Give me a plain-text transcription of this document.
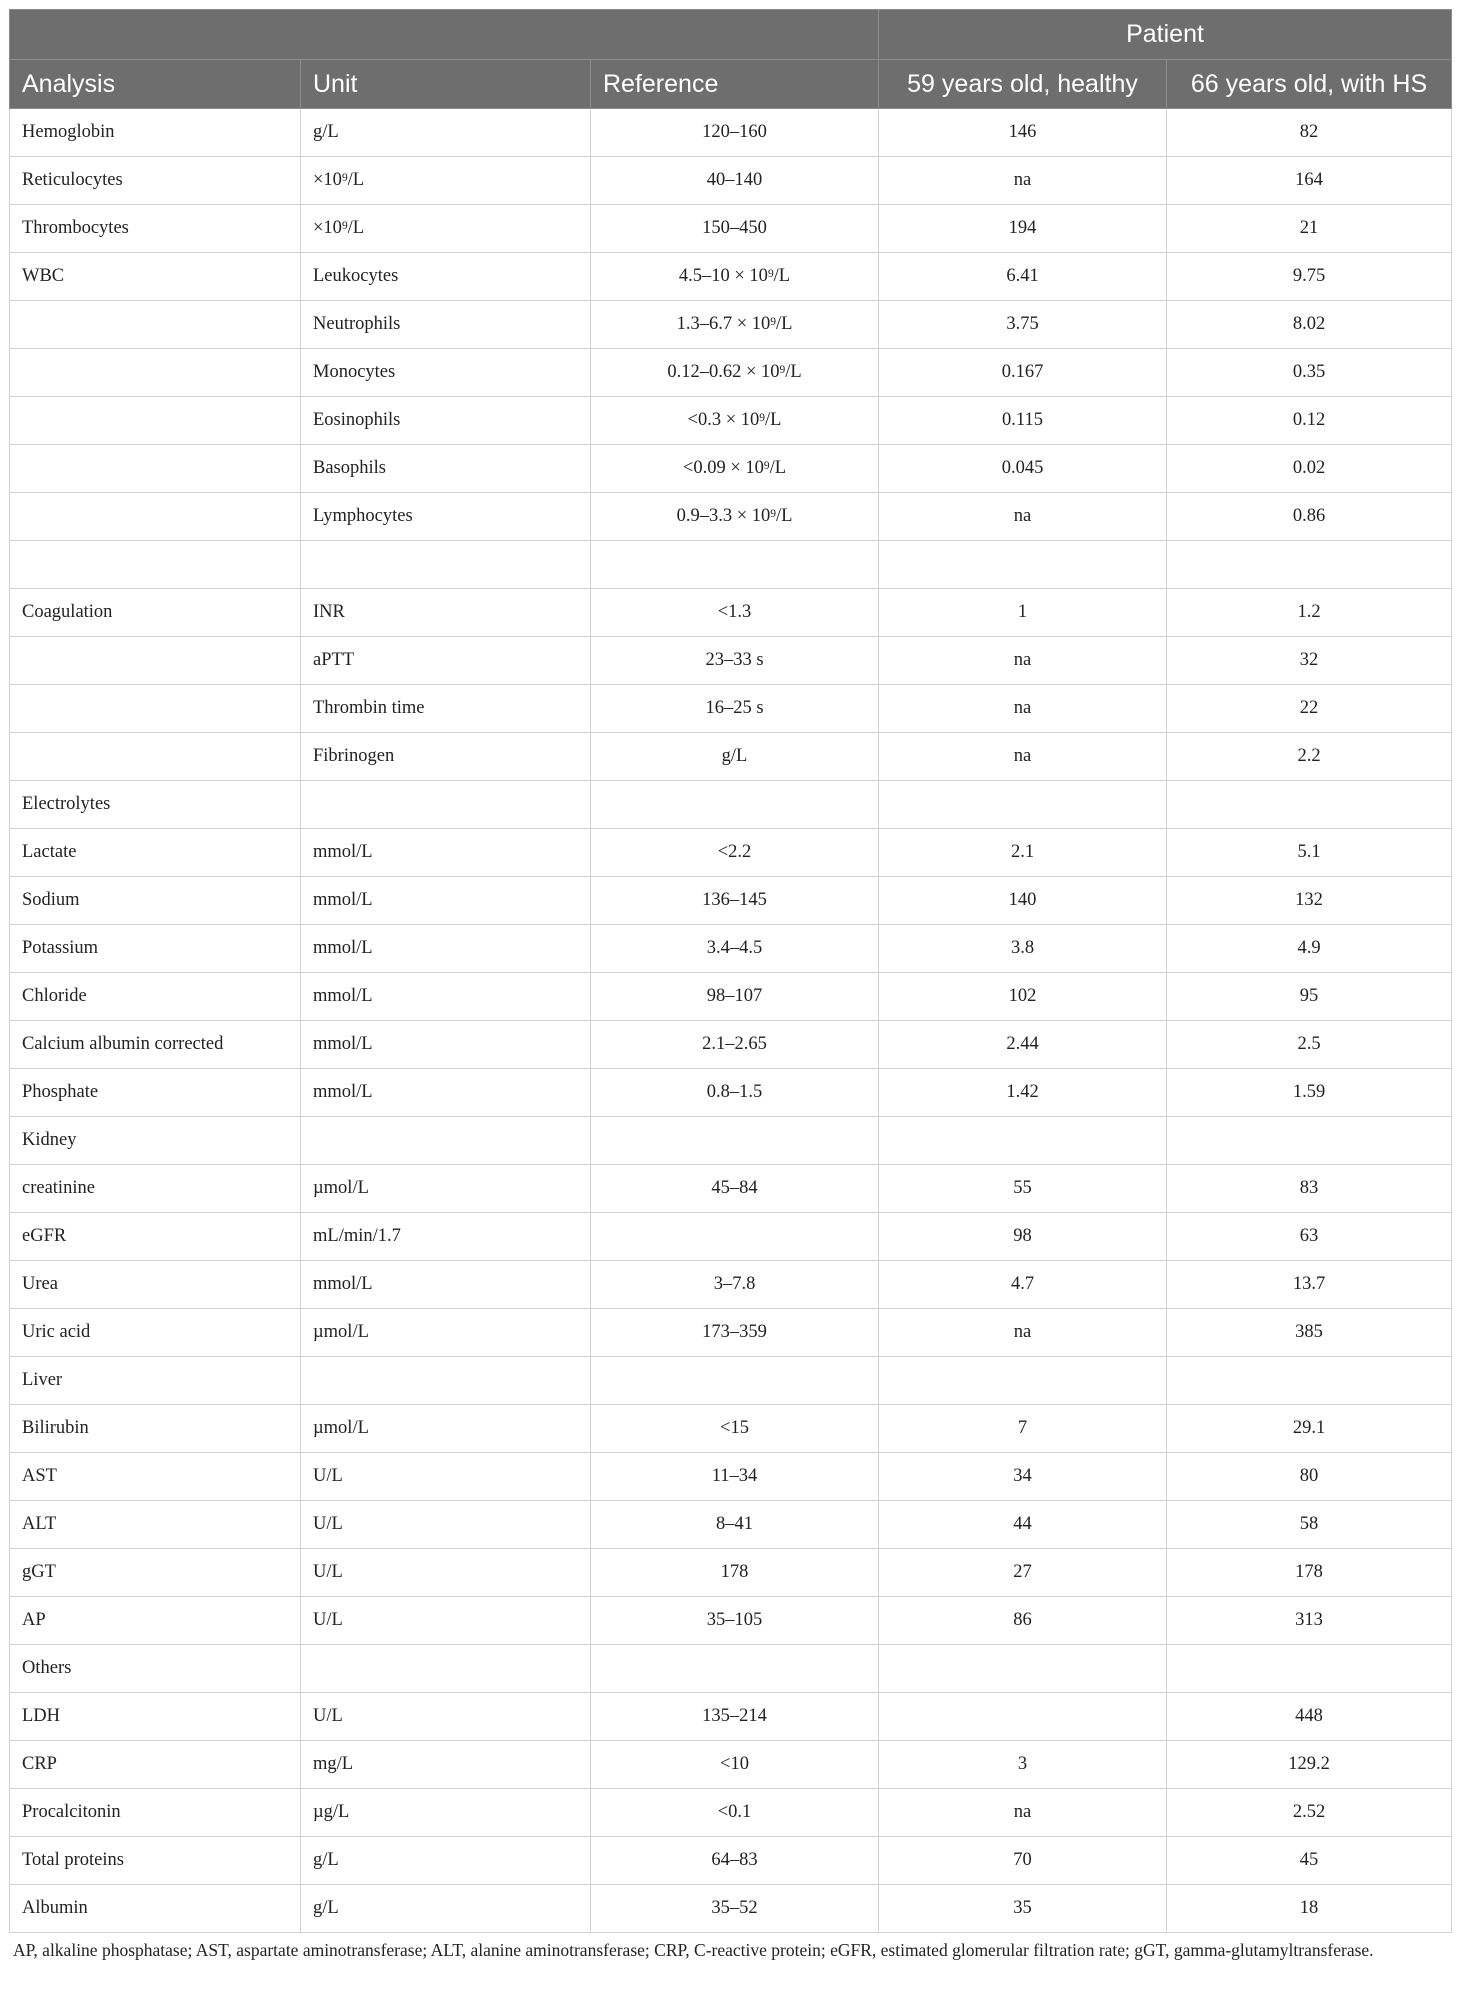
			Patient	
Analysis	Unit	Reference	59 years old, healthy	66 years old, with HS
Hemoglobin	g/L	120–160	146	82
Reticulocytes	$\times 10^9/L$	40–140	na	164
Thrombocytes	$\times 10^9/L$	150–450	194	21
WBC	Leukocytes	$4.5-10 \times 10^9/L$	6.41	9.75
	Neutrophils	$1.3-6.7 \times 10^9/L$	3.75	8.02
	Monocytes	$0.12-0.62 \times 10^9/L$	0.167	0.35
	Eosinophils	$<0.3 \times 10^9/L$	0.115	0.12
	Basophils	$<0.09 \times 10^9/L$	0.045	0.02
	Lymphocytes	$0.9-3.3 \times 10^9/L$	na	0.86

Coagulation	INR	<1.3	1	1.2
	aPTT	23–33 s	na	32
	Thrombin time	16–25 s	na	22
	Fibrinogen	g/L	na	2.2
Electrolytes				
Lactate	mmol/L	<2.2	2.1	5.1
Sodium	mmol/L	136–145	140	132
Potassium	mmol/L	3.4–4.5	3.8	4.9
Chloride	mmol/L	98–107	102	95
Calcium albumin corrected	mmol/L	2.1–2.65	2.44	2.5
Phosphate	mmol/L	0.8–1.5	1.42	1.59
Kidney				
creatinine	µmol/L	45–84	55	83
eGFR	mL/min/1.7		98	63
Urea	mmol/L	3–7.8	4.7	13.7
Uric acid	µmol/L	173–359	na	385
Liver				
Bilirubin	µmol/L	<15	7	29.1
AST	U/L	11–34	34	80
ALT	U/L	8–41	44	58
gGT	U/L	178	27	178
AP	U/L	35–105	86	313
Others				
LDH	U/L	135–214		448
CRP	mg/L	<10	3	129.2
Procalcitonin	µg/L	<0.1	na	2.52
Total proteins	g/L	64–83	70	45
Albumin	g/L	35–52	35	18

AP, alkaline phosphatase; AST, aspartate aminotransferase; ALT, alanine aminotransferase; CRP, C-reactive protein; eGFR, estimated glomerular filtration rate; gGT, gamma-glutamyltransferase.
